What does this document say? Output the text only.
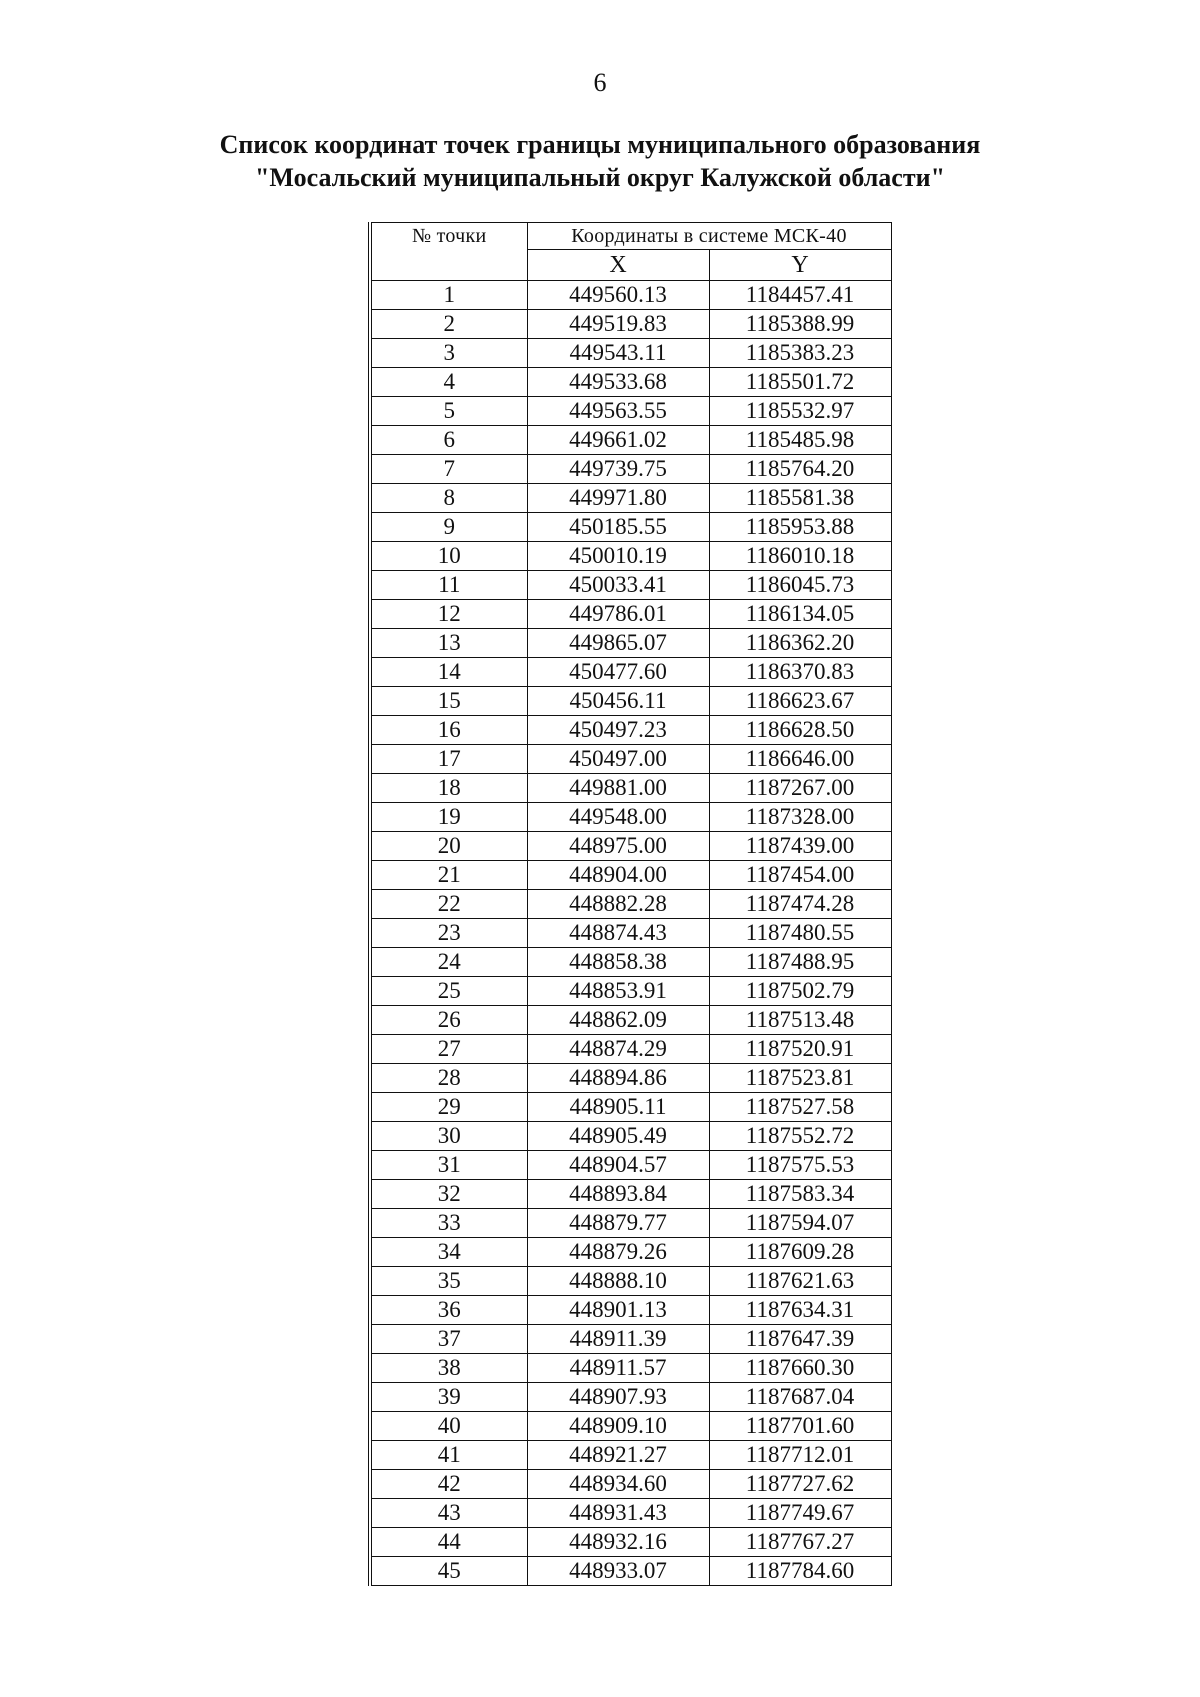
6
Список координат точек границы муниципального образования
"Мосальский муниципальный округ Калужской области"
№ точки	Координаты в системе МСК-40	
	X	Y
1	449560.13	1184457.41
2	449519.83	1185388.99
3	449543.11	1185383.23
4	449533.68	1185501.72
5	449563.55	1185532.97
6	449661.02	1185485.98
7	449739.75	1185764.20
8	449971.80	1185581.38
9	450185.55	1185953.88
10	450010.19	1186010.18
11	450033.41	1186045.73
12	449786.01	1186134.05
13	449865.07	1186362.20
14	450477.60	1186370.83
15	450456.11	1186623.67
16	450497.23	1186628.50
17	450497.00	1186646.00
18	449881.00	1187267.00
19	449548.00	1187328.00
20	448975.00	1187439.00
21	448904.00	1187454.00
22	448882.28	1187474.28
23	448874.43	1187480.55
24	448858.38	1187488.95
25	448853.91	1187502.79
26	448862.09	1187513.48
27	448874.29	1187520.91
28	448894.86	1187523.81
29	448905.11	1187527.58
30	448905.49	1187552.72
31	448904.57	1187575.53
32	448893.84	1187583.34
33	448879.77	1187594.07
34	448879.26	1187609.28
35	448888.10	1187621.63
36	448901.13	1187634.31
37	448911.39	1187647.39
38	448911.57	1187660.30
39	448907.93	1187687.04
40	448909.10	1187701.60
41	448921.27	1187712.01
42	448934.60	1187727.62
43	448931.43	1187749.67
44	448932.16	1187767.27
45	448933.07	1187784.60
